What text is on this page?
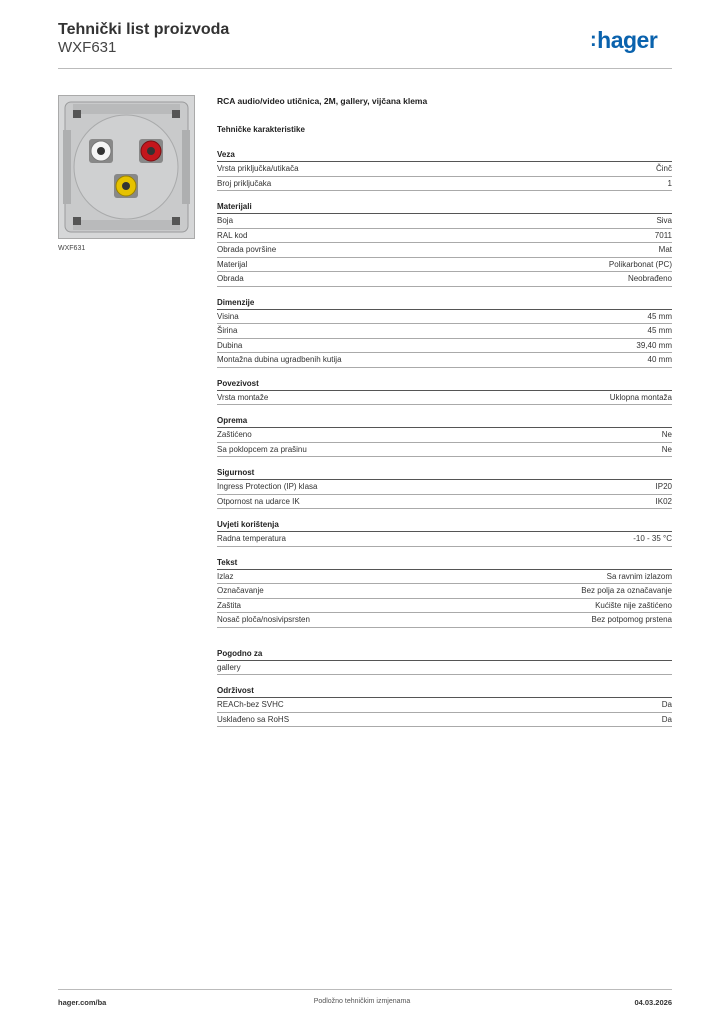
Tehnički list proizvoda
WXF631	:hager
WXF631
RCA audio/video utičnica, 2M, gallery, vijčana klema
Tehničke karakteristike
Veza
Vrsta priključka/utikača	Činč
Broj priključaka	1
Materijali
Boja	Siva
RAL kod	7011
Obrada površine	Mat
Materijal	Polikarbonat (PC)
Obrada	Neobrađeno
Dimenzije
Visina	45 mm
Širina	45 mm
Dubina	39,40 mm
Montažna dubina ugradbenih kutija	40 mm
Povezivost
Vrsta montaže	Uklopna montaža
Oprema
Zaštićeno	Ne
Sa poklopcem za prašinu	Ne
Sigurnost
Ingress Protection (IP) klasa	IP20
Otpornost na udarce IK	IK02
Uvjeti korištenja
Radna temperatura	-10 - 35 °C
Tekst
Izlaz	Sa ravnim izlazom
Označavanje	Bez polja za označavanje
Zaštita	Kućište nije zaštićeno
Nosač ploča/nosivipsrsten	Bez potpomog prstena
Pogodno za
gallery
Održivost
REACh-bez SVHC	Da
Usklađeno sa RoHS	Da
hager.com/ba	Podložno tehničkim izmjenama	04.03.2026
